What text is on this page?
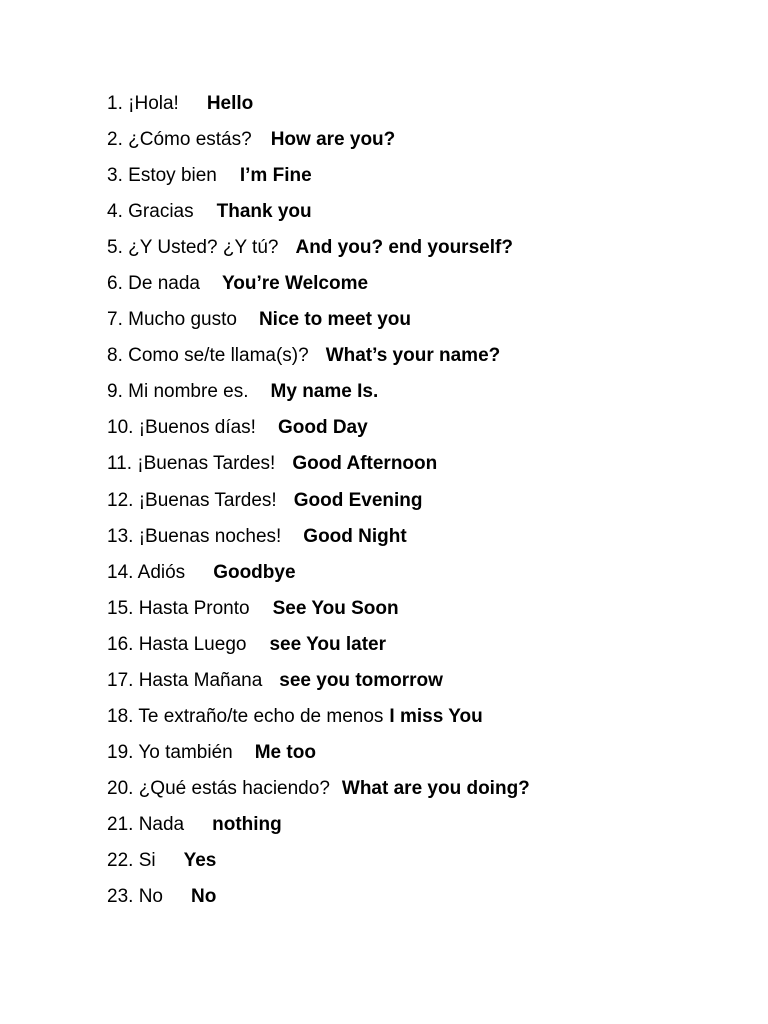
1. ¡Hola! Hello
2. ¿Cómo estás? How are you?
3. Estoy bien I’m Fine
4. Gracias Thank you
5. ¿Y Usted? ¿Y tú? And you? end yourself?
6. De nada You’re Welcome
7. Mucho gusto Nice to meet you
8. Como se/te llama(s)? What’s your name?
9. Mi nombre es. My name Is.
10. ¡Buenos días! Good Day
11. ¡Buenas Tardes! Good Afternoon
12. ¡Buenas Tardes! Good Evening
13. ¡Buenas noches! Good Night
14. Adiós Goodbye
15. Hasta Pronto See You Soon
16. Hasta Luego see You later
17. Hasta Mañana see you tomorrow
18. Te extraño/te echo de menos I miss You
19. Yo también Me too
20. ¿Qué estás haciendo? What are you doing?
21. Nada nothing
22. Si Yes
23. No No
